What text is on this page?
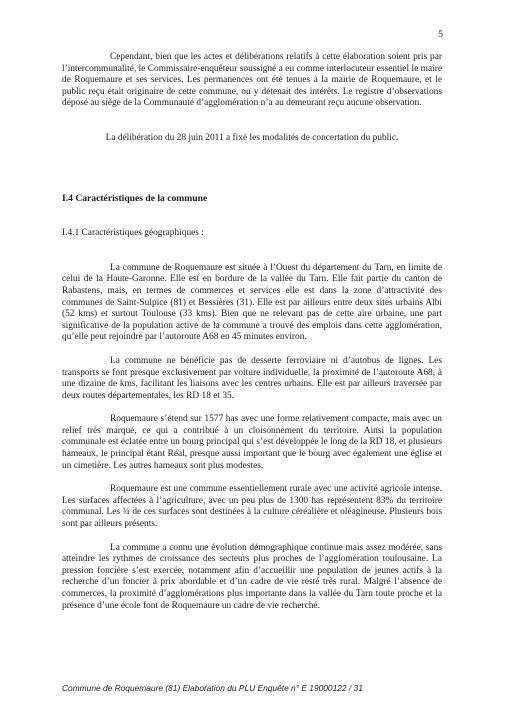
5

Cependant, bien que les actes et délibérations relatifs à cette élaboration soient pris par l’intercommunalité, le Commissaire-enquêteur soussigné a eu comme interlocuteur essentiel le maire de Roquemaure et ses services. Les permanences ont été tenues à la mairie de Roquemaure, et le public reçu était originaire de cette commune, ou y détenait des intérêts. Le registre d’observations déposé au siège de la Communauté d’agglomération n’a au demeurant reçu aucune observation.

La délibération du 28 juin 2011 a fixé les modalités de concertation du public.

I.4 Caractéristiques de la commune
I.4.1 Caractéristiques géographiques :

La commune de Roquemaure est située à l’Ouest du département du Tarn, en limite de celui de la Haute-Garonne. Elle est en bordure de la vallée du Tarn. Elle fait partie du canton de Rabastens, mais, en termes de commerces et services elle est dans la zone d’attractivité des communes de Saint-Sulpice (81) et Bessières (31). Elle est par ailleurs entre deux sites urbains Albi (52 kms) et surtout Toulouse (33 kms). Bien que ne relevant pas de cette aire urbaine, une part significative de la population active de la commune a trouvé des emplois dans cette agglomération, qu’elle peut rejoindre par l’autoroute A68 en 45 minutes environ.

La commune ne bénéficie pas de desserte ferroviaire ni d’autobus de lignes. Les transports se font presque exclusivement par voiture individuelle, la proximité de l’autoroute A68, à une dizaine de kms, facilitant les liaisons avec les centres urbains. Elle est par ailleurs traversée par deux routes départementales, les RD 18 et 35.

Roquemaure s’étend sur 1577 has avec une forme relativement compacte, mais avec un relief très marqué, ce qui a contribué à un cloisonnement du territoire. Ainsi la population communale est éclatée entre un bourg principal qui s’est développée le long de la RD 18, et plusieurs hameaux, le principal étant Réal, presque aussi important que le bourg avec également une église et un cimetière. Les autres hameaux sont plus modestes.

Roquemaure est une commune essentiellement rurale avec une activité agricole intense. Les surfaces affectées à l’agriculture, avec un peu plus de 1300 has représentent 83% du territoire communal. Les ¾ de ces surfaces sont destinées à la culture céréalière et oléagineuse. Plusieurs bois sont par ailleurs présents.

La commune a connu une évolution démographique continue mais assez modérée, sans atteindre les rythmes de croissance des secteurs plus proches de l’agglomération toulousaine. La pression foncière s’est exercée, notamment afin d’accueillir une population de jeunes actifs à la recherche d’un foncier à prix abordable et d’un cadre de vie resté très rural. Malgré l’absence de commerces, la proximité d’agglomérations plus importante dans la vallée du Tarn toute proche et la présence d’une école font de Roquemaure un cadre de vie recherché.

Commune de Roquemaure (81) Elaboration du PLU Enquête n° E 19000122 / 31
